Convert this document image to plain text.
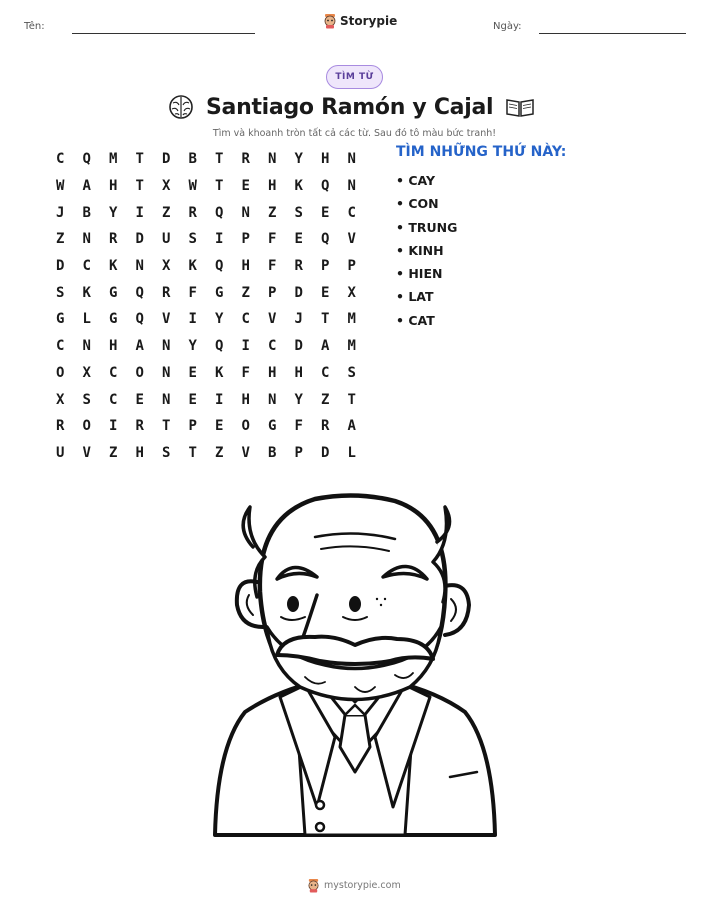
Tên:	Storypie	Ngày:
TÌM TỪ
Santiago Ramón y Cajal
Tìm và khoanh tròn tất cả các từ. Sau đó tô màu bức tranh!
C	Q	M	T	D	B	T	R	N	Y	H	N
W	A	H	T	X	W	T	E	H	K	Q	N
J	B	Y	I	Z	R	Q	N	Z	S	E	C
Z	N	R	D	U	S	I	P	F	E	Q	V
D	C	K	N	X	K	Q	H	F	R	P	P
S	K	G	Q	R	F	G	Z	P	D	E	X
G	L	G	Q	V	I	Y	C	V	J	T	M
C	N	H	A	N	Y	Q	I	C	D	A	M
O	X	C	O	N	E	K	F	H	H	C	S
X	S	C	E	N	E	I	H	N	Y	Z	T
R	O	I	R	T	P	E	O	G	F	R	A
U	V	Z	H	S	T	Z	V	B	P	D	L
TÌM NHỮNG THỨ NÀY:
• CAY
• CON
• TRUNG
• KINH
• HIEN
• LAT
• CAT
mystorypie.com
